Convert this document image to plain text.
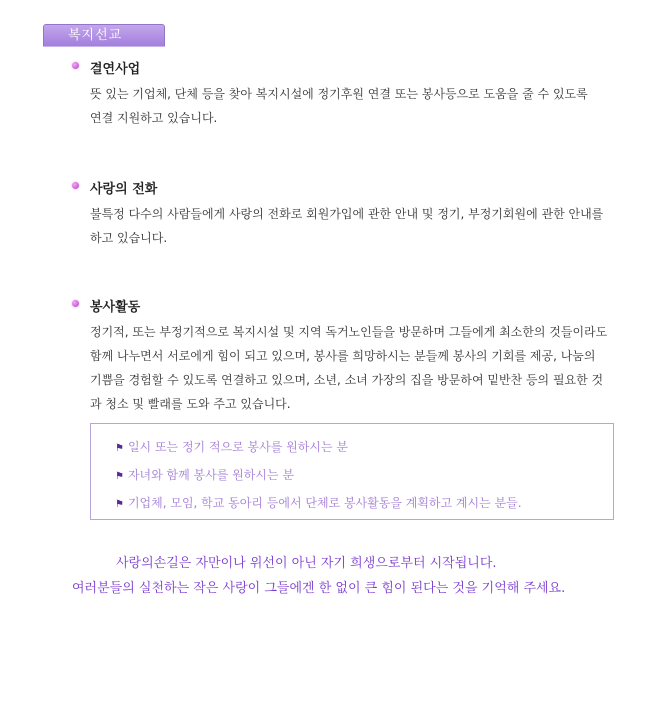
복지선교
결연사업
뜻 있는 기업체, 단체 등을 찾아 복지시설에 정기후원 연결 또는 봉사등으로 도움을 줄 수 있도록
연결 지원하고 있습니다.
사랑의 전화
불특정 다수의 사람들에게 사랑의 전화로 회원가입에 관한 안내 및 정기, 부정기회원에 관한 안내를
하고 있습니다.
봉사활동
정기적, 또는 부정기적으로 복지시설 및 지역 독거노인들을 방문하며 그들에게 최소한의 것들이라도
함께 나누면서 서로에게 힘이 되고 있으며, 봉사를 희망하시는 분들께 봉사의 기회를 제공, 나눔의
기쁨을 경험할 수 있도록 연결하고 있으며, 소년, 소녀 가장의 집을 방문하여 밑반찬 등의 필요한 것
과 청소 및 빨래를 도와 주고 있습니다.
⚑ 일시 또는 정기 적으로 봉사를 원하시는 분
⚑ 자녀와 함께 봉사를 원하시는 분
⚑ 기업체, 모임, 학교 동아리 등에서 단체로 봉사활동을 계획하고 계시는 분들.
사랑의손길은 자만이나 위선이 아닌 자기 희생으로부터 시작됩니다.
여러분들의 실천하는 작은 사랑이 그들에겐 한 없이 큰 힘이 된다는 것을 기억해 주세요.
